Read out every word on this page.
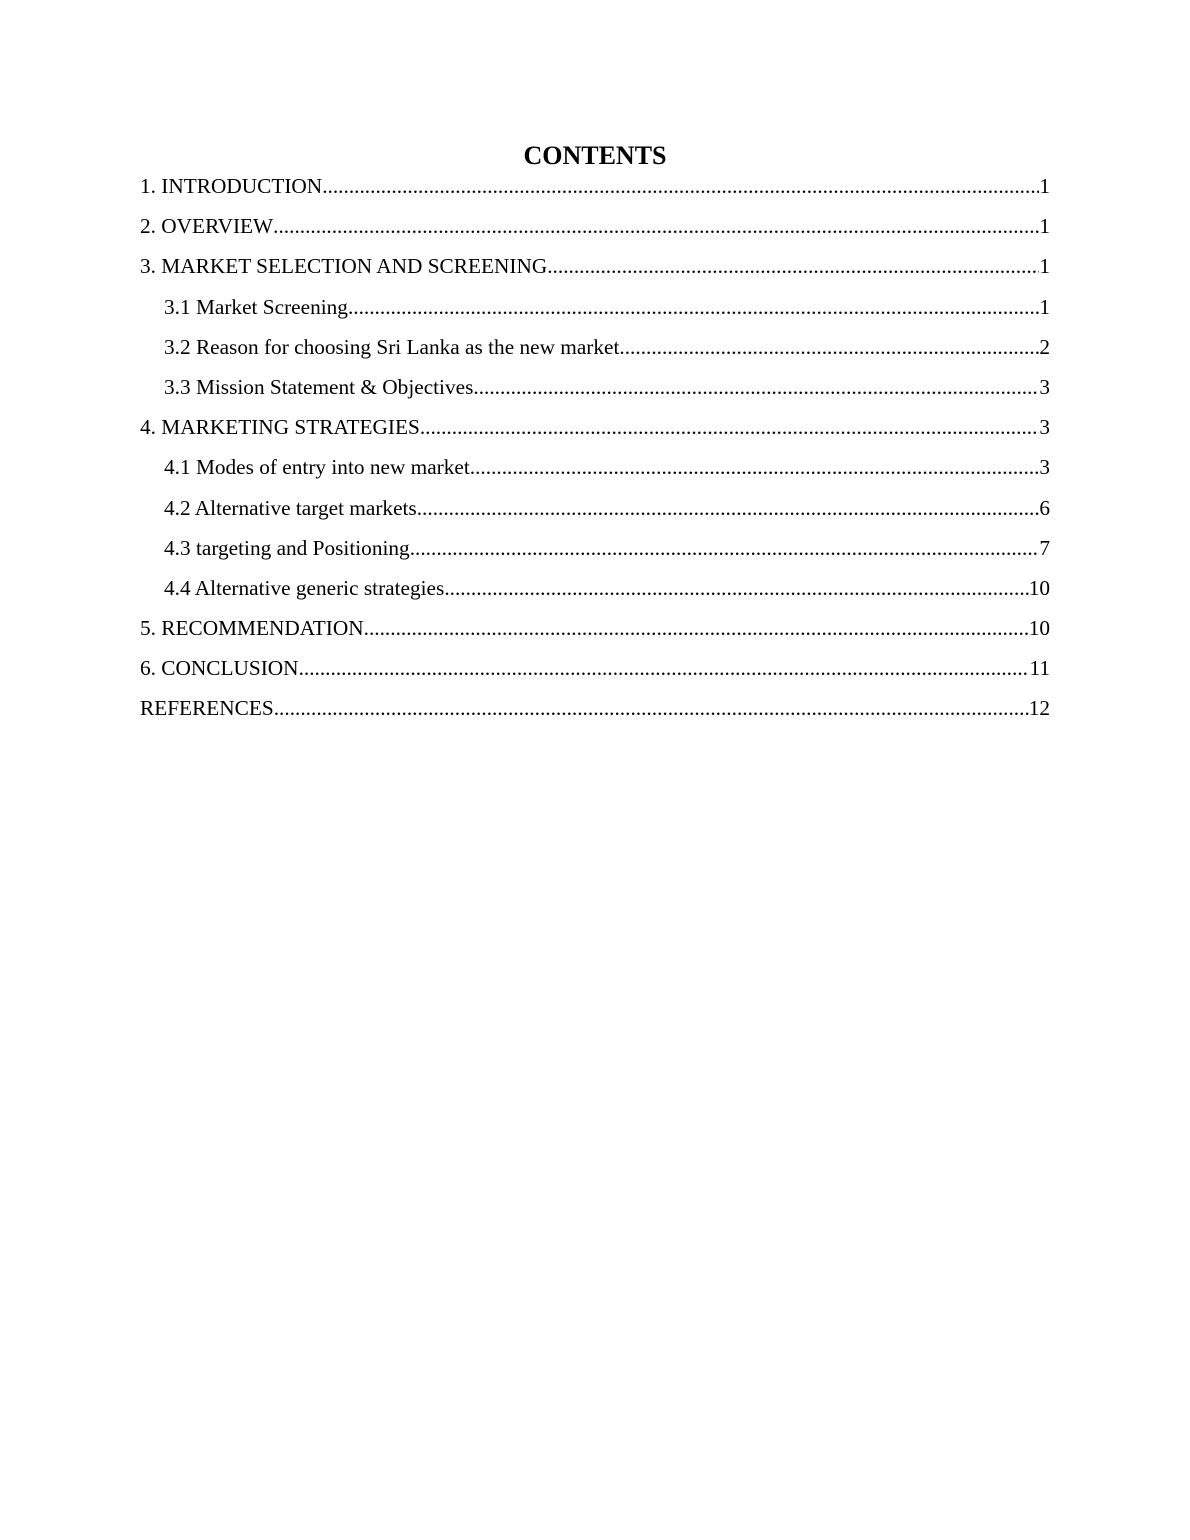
CONTENTS
1. INTRODUCTION .....	1
2. OVERVIEW .....	1
3. MARKET SELECTION AND SCREENING .....	1
3.1 Market Screening .....	1
3.2 Reason for choosing Sri Lanka as the new market .....	2
3.3 Mission Statement & Objectives .....	3
4. MARKETING STRATEGIES .....	3
4.1 Modes of entry into new market .....	3
4.2 Alternative target markets .....	6
4.3 targeting and Positioning .....	7
4.4 Alternative generic strategies .....	10
5. RECOMMENDATION .....	10
6. CONCLUSION .....	11
REFERENCES .....	12
